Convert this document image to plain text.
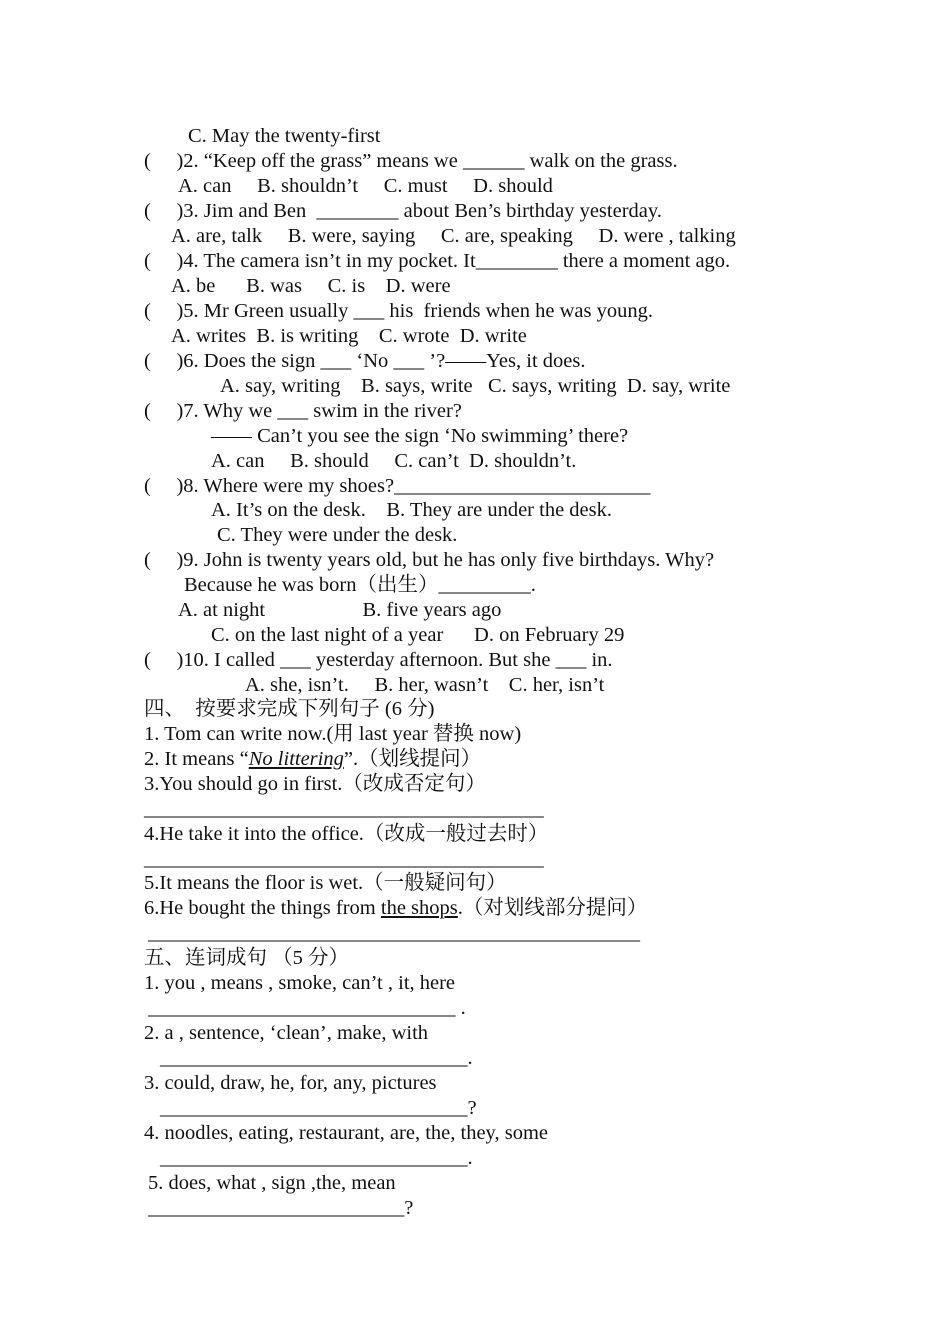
C. May the twenty-first
(     )2. “Keep off the grass” means we ______ walk on the grass.
A. can     B. shouldn’t     C. must     D. should
(     )3. Jim and Ben  ________ about Ben’s birthday yesterday.
A. are, talk     B. were, saying     C. are, speaking     D. were , talking
(     )4. The camera isn’t in my pocket. It________ there a moment ago.
A. be      B. was     C. is    D. were
(     )5. Mr Green usually ___ his  friends when he was young.
A. writes  B. is writing    C. wrote  D. write
(     )6. Does the sign ___ ‘No ___ ’?——Yes, it does.
A. say, writing    B. says, write   C. says, writing  D. say, write
(     )7. Why we ___ swim in the river?
—— Can’t you see the sign ‘No swimming’ there?
A. can     B. should     C. can’t  D. shouldn’t.
(     )8. Where were my shoes?_________________________
A. It’s on the desk.    B. They are under the desk.
C. They were under the desk.
(     )9. John is twenty years old, but he has only five birthdays. Why?
Because he was born（出生）_________.
A. at night                   B. five years ago
C. on the last night of a year      D. on February 29
(     )10. I called ___ yesterday afternoon. But she ___ in.
A. she, isn’t.     B. her, wasn’t    C. her, isn’t
四、  按要求完成下列句子 (6 分)
1. Tom can write now.(用 last year 替换 now)
2. It means “No littering”.（划线提问）
3.You should go in first.（改成否定句）
_______________________________________
4.He take it into the office.（改成一般过去时）
_______________________________________
5.It means the floor is wet.（一般疑问句）
6.He bought the things from the shops.（对划线部分提问）
________________________________________________
五、连词成句 （5 分）
1. you , means , smoke, can’t , it, here
______________________________ .
2. a , sentence, ‘clean’, make, with
______________________________.
3. could, draw, he, for, any, pictures
______________________________?
4. noodles, eating, restaurant, are, the, they, some
______________________________.
5. does, what , sign ,the, mean
_________________________?
